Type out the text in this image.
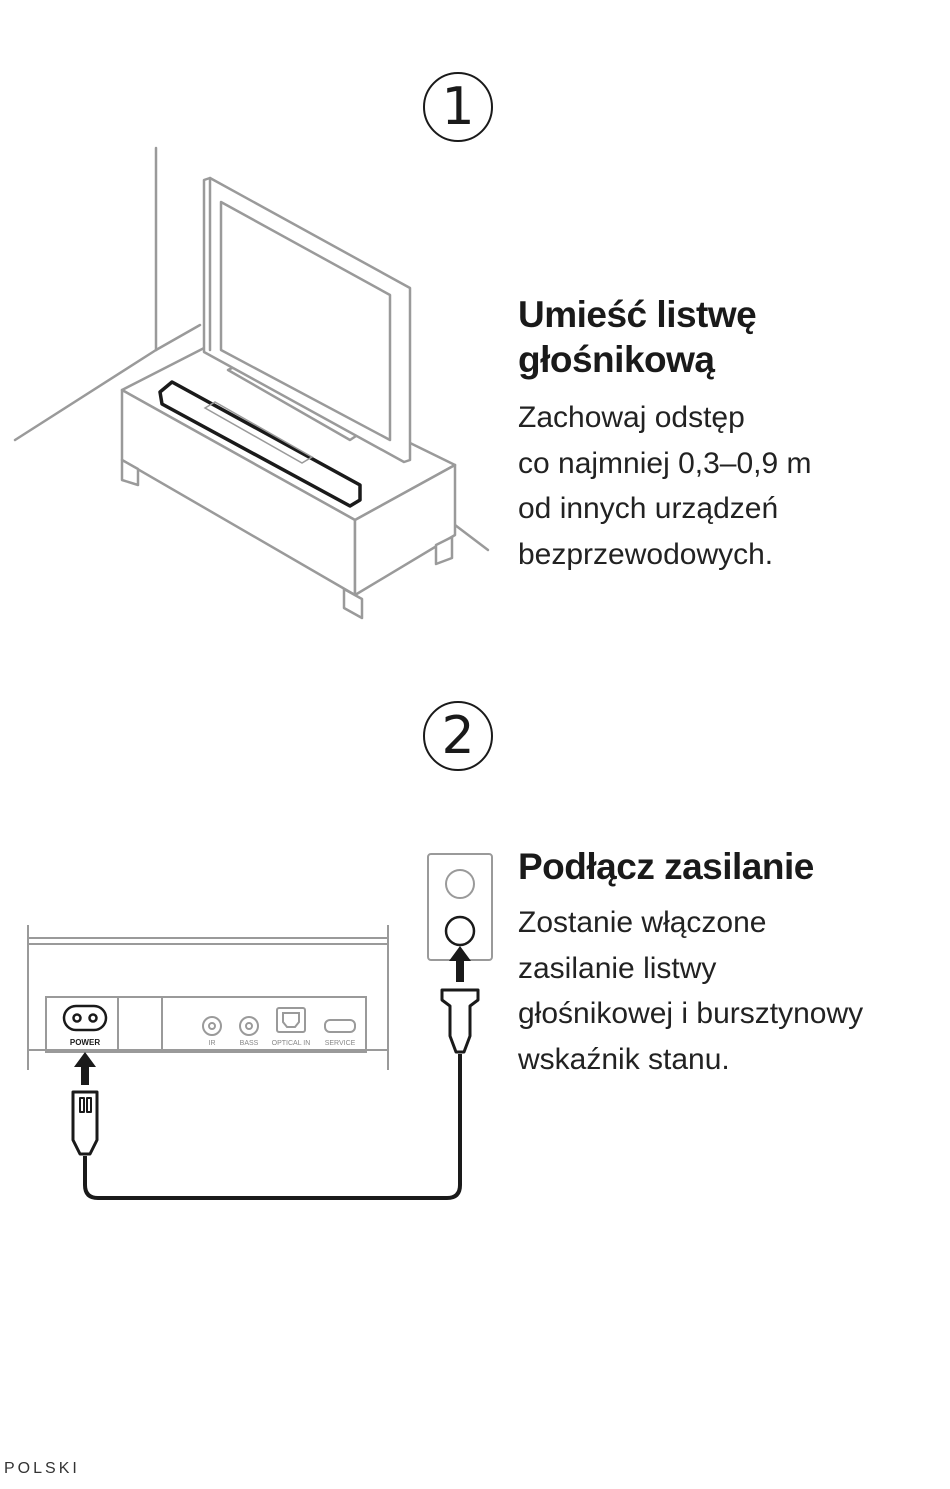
1
Umieść listwę
głośnikową

Zachowaj odstęp
co najmniej 0,3–0,9 m
od innych urządzeń
bezprzewodowych.

2
POWER	IR	BASS OPTICAL IN SERVICE
Podłącz zasilanie

Zostanie włączone
zasilanie listwy
głośnikowej i bursztynowy
wskaźnik stanu.

POLSKI
